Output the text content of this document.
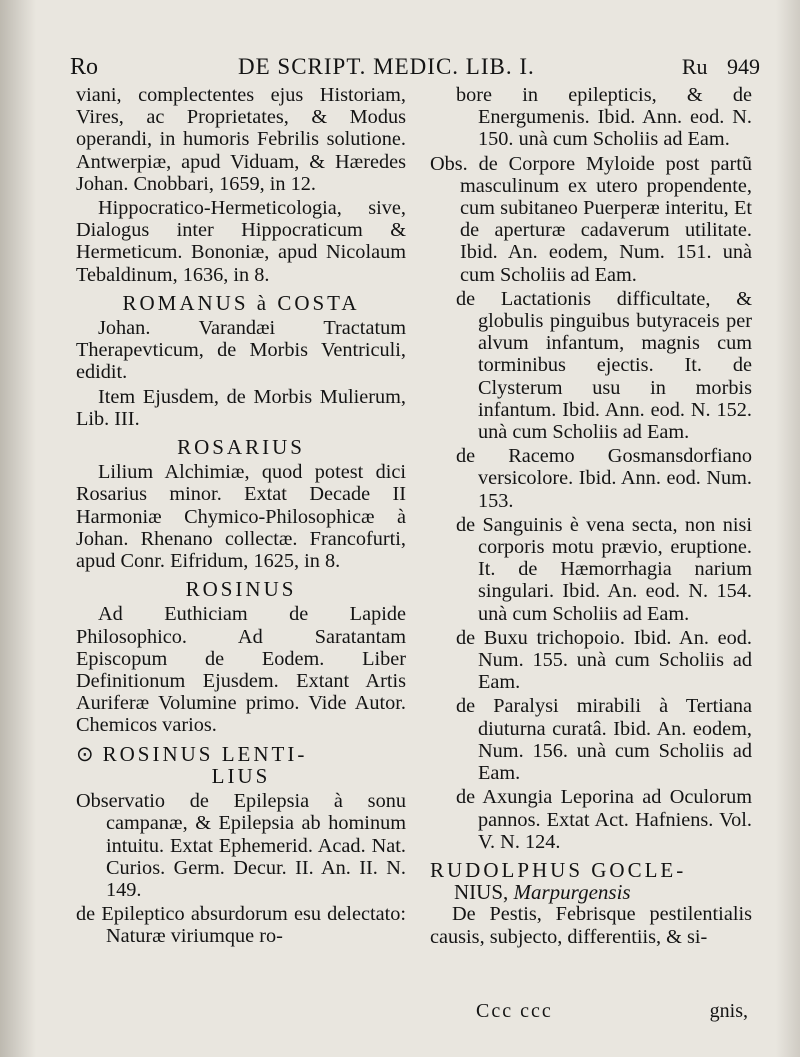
Ro	DE SCRIPT. MEDIC. LIB. I.	Ru 949

viani, complectentes ejus Historiam, Vires, ac Proprietates, & Modus operandi, in humoris Febrilis solutione. Antwerpiæ, apud Viduam, & Hæredes Johan. Cnobbari, 1659, in 12.

Hippocratico-Hermeticologia, sive, Dialogus inter Hippocraticum & Hermeticum. Bononiæ, apud Nicolaum Tebaldinum, 1636, in 8.

ROMANUS à COSTA

Johan. Varandæi Tractatum Therapevticum, de Morbis Ventriculi, edidit.

Item Ejusdem, de Morbis Mulierum, Lib. III.

ROSARIUS

Lilium Alchimiæ, quod potest dici Rosarius minor. Extat Decade II Harmoniæ Chymico-Philosophicæ à Johan. Rhenano collectæ. Francofurti, apud Conr. Eifridum, 1625, in 8.

ROSINUS

Ad Euthiciam de Lapide Philosophico. Ad Saratantam Episcopum de Eodem. Liber Definitionum Ejusdem. Extant Artis Auriferæ Volumine primo. Vide Autor. Chemicos varios.

⊙ ROSINUS LENTI-

LIUS

Observatio de Epilepsia à sonu campanæ, & Epilepsia ab hominum intuitu. Extat Ephemerid. Acad. Nat. Curios. Germ. Decur. II. An. II. N. 149.

de Epileptico absurdorum esu delectato: Naturæ viriumque ro-

bore in epilepticis, & de Energumenis. Ibid. Ann. eod. N. 150. unà cum Scholiis ad Eam.

Obs. de Corpore Myloide post partũ masculinum ex utero propendente, cum subitaneo Puerperæ interitu, Et de aperturæ cadaverum utilitate. Ibid. An. eodem, Num. 151. unà cum Scholiis ad Eam.

de Lactationis difficultate, & globulis pinguibus butyraceis per alvum infantum, magnis cum torminibus ejectis. It. de Clysterum usu in morbis infantum. Ibid. Ann. eod. N. 152. unà cum Scholiis ad Eam.

de Racemo Gosmansdorfiano versicolore. Ibid. Ann. eod. Num. 153.

de Sanguinis è vena secta, non nisi corporis motu prævio, eruptione. It. de Hæmorrhagia narium singulari. Ibid. An. eod. N. 154. unà cum Scholiis ad Eam.

de Buxu trichopoio. Ibid. An. eod. Num. 155. unà cum Scholiis ad Eam.

de Paralysi mirabili à Tertiana diuturna curatâ. Ibid. An. eodem, Num. 156. unà cum Scholiis ad Eam.

de Axungia Leporina ad Oculorum pannos. Extat Act. Hafniens. Vol. V. N. 124.

RUDOLPHUS GOCLE-

NIUS, Marpurgensis

De Pestis, Febrisque pestilentialis causis, subjecto, differentiis, & si-

Ccc ccc	gnis,
